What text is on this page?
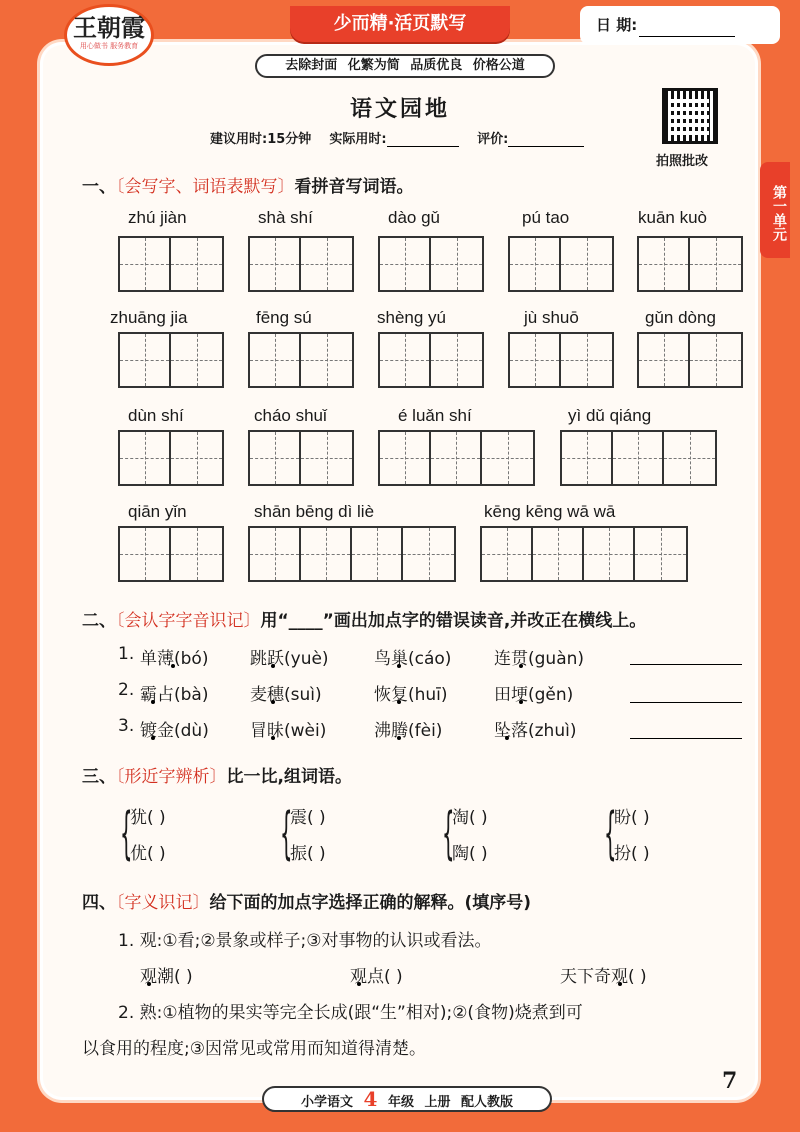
王朝霞
用心做书 服务教育
少而精·活页默写	日 期:
去除封面 化繁为简 品质优良 价格公道
语文园地
建议用时:15分钟 实际用时:	评价:
拍照批改
第一单元
一、〔会写字、词语表默写〕看拼音写词语。
zhú jiàn	shà shí	dào gǔ	pú tao	kuān kuò
zhuāng jia	fēng sú	shèng yú	jù shuō	gǔn dòng
dùn shí	cháo shuǐ	é luǎn shí	yì dǔ qiáng
qiān yǐn	shān bēng dì liè	kēng kēng wā wā
二、〔会认字字音识记〕用“____”画出加点字的错误读音,并改正在横线上。
1. 单薄(bó) 跳跃(yuè)	鸟巢(cáo)	连贯(guàn)
2. 霸占(bà) 麦穗(suì)	恢复(huī)	田埂(gěn)
3. 镀金(dù) 冒昧(wèi)	沸腾(fèi)	坠落(zhuì)
三、〔形近字辨析〕比一比,组词语。
{
犹( )
优( ) {
震( )
振( ) {
淘( )
陶( ) {
盼( )
扮( )
四、〔字义识记〕给下面的加点字选择正确的解释。(填序号)
1. 观:①看;②景象或样子;③对事物的认识或看法。
观潮( )	观点( )	天下奇观( )
2. 熟:①植物的果实等完全长成(跟“生”相对);②(食物)烧煮到可
以食用的程度;③因常见或常用而知道得清楚。
小学语文 4 年级 上册 配人教版
7
